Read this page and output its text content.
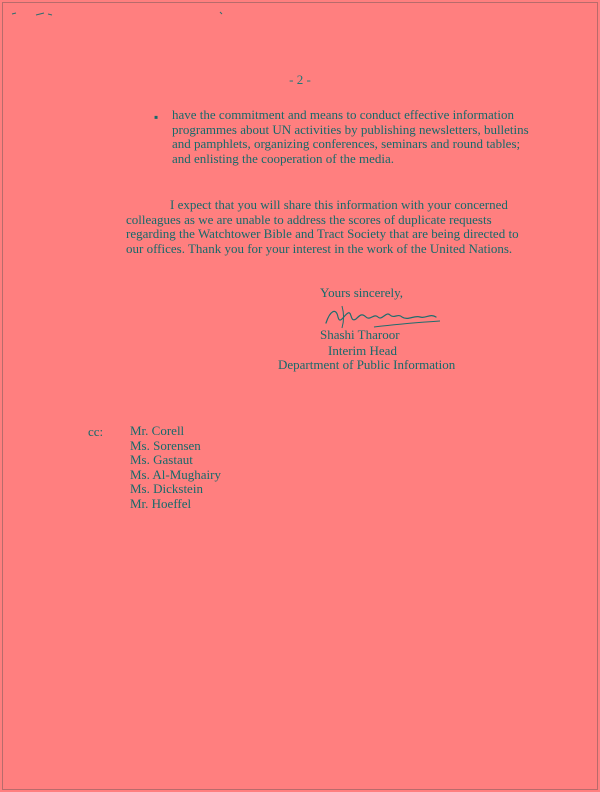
- 2 -
▪ have the commitment and means to conduct effective information programmes about UN activities by publishing newsletters, bulletins and pamphlets, organizing conferences, seminars and round tables; and enlisting the cooperation of the media.
I expect that you will share this information with your concerned colleagues as we are unable to address the scores of duplicate requests regarding the Watchtower Bible and Tract Society that are being directed to our offices. Thank you for your interest in the work of the United Nations.
Yours sincerely,
Shashi Tharoor
Interim Head
Department of Public Information
cc: Mr. Corell
Ms. Sorensen
Ms. Gastaut
Ms. Al-Mughairy
Ms. Dickstein
Mr. Hoeffel
